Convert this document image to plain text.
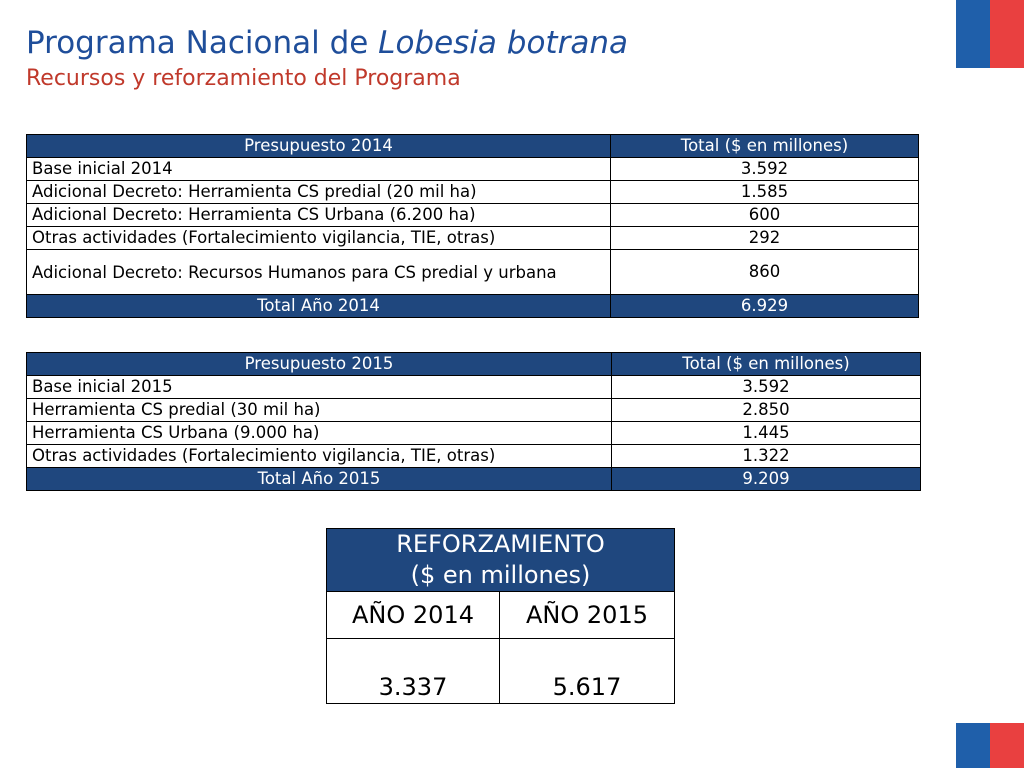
Programa Nacional de Lobesia botrana
Recursos y reforzamiento del Programa
Presupuesto 2014	Total ($ en millones)
Base inicial 2014	3.592
Adicional Decreto: Herramienta CS predial (20 mil ha)	1.585
Adicional Decreto: Herramienta CS Urbana (6.200 ha)	600
Otras actividades (Fortalecimiento vigilancia, TIE, otras)	292
Adicional Decreto: Recursos Humanos para CS predial y urbana	860
Total Año 2014	6.929
Presupuesto 2015	Total ($ en millones)
Base inicial 2015	3.592
Herramienta CS predial (30 mil ha)	2.850
Herramienta CS Urbana (9.000 ha)	1.445
Otras actividades (Fortalecimiento vigilancia, TIE, otras)	1.322
Total Año 2015	9.209
REFORZAMIENTO
($ en millones)	

AÑO 2014	AÑO 2015
3.337	5.617
